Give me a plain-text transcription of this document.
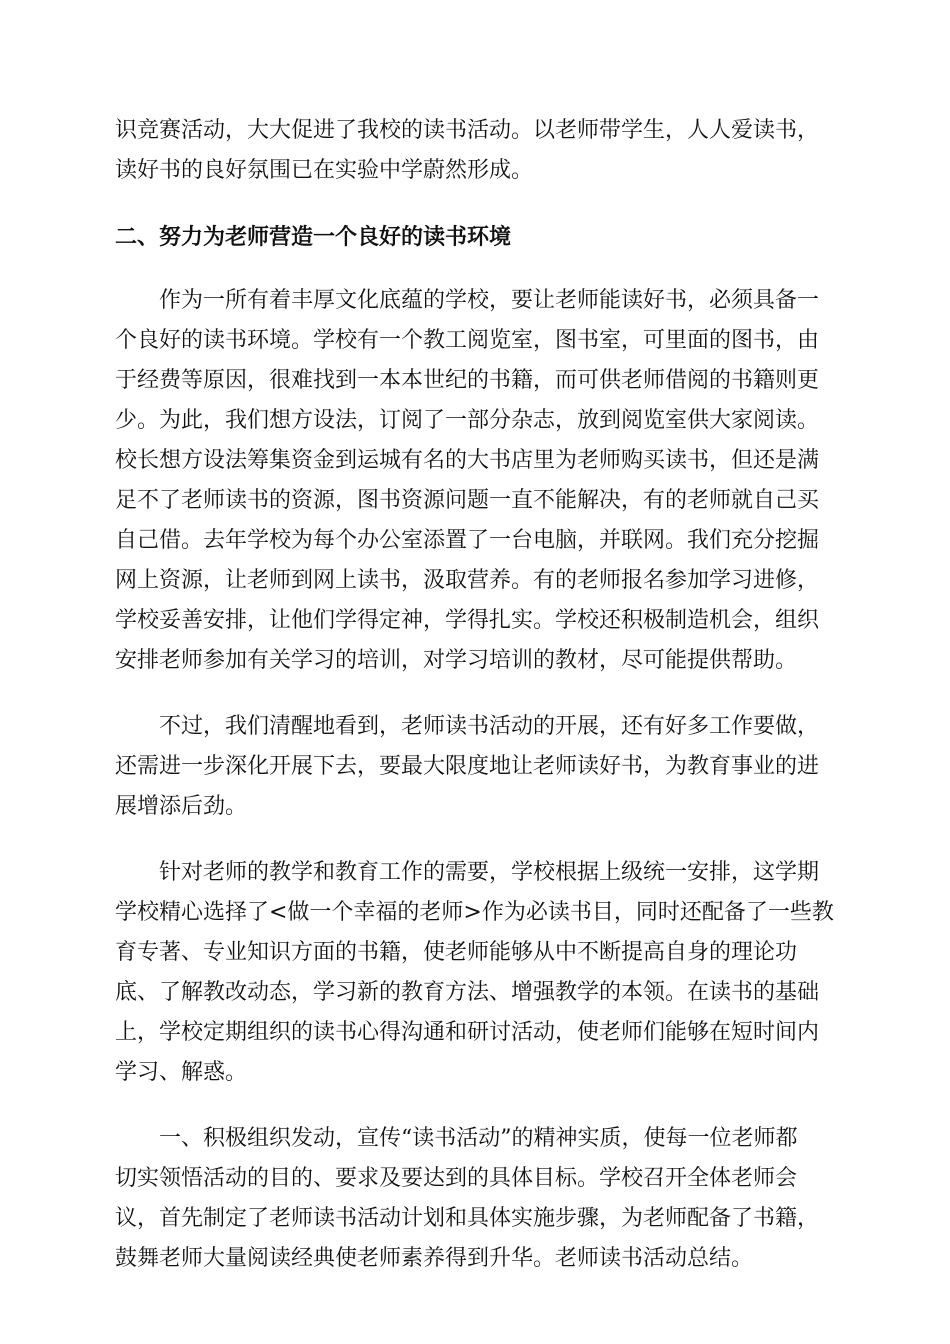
识竞赛活动，大大促进了我校的读书活动。以老师带学生，人人爱读书，
读好书的良好氛围已在实验中学蔚然形成。
二、努力为老师营造一个良好的读书环境
作为一所有着丰厚文化底蕴的学校，要让老师能读好书，必须具备一
个良好的读书环境。学校有一个教工阅览室，图书室，可里面的图书，由
于经费等原因，很难找到一本本世纪的书籍，而可供老师借阅的书籍则更
少。为此，我们想方设法，订阅了一部分杂志，放到阅览室供大家阅读。
校长想方设法筹集资金到运城有名的大书店里为老师购买读书，但还是满
足不了老师读书的资源，图书资源问题一直不能解决，有的老师就自己买
自己借。去年学校为每个办公室添置了一台电脑，并联网。我们充分挖掘
网上资源，让老师到网上读书，汲取营养。有的老师报名参加学习进修，
学校妥善安排，让他们学得定神，学得扎实。学校还积极制造机会，组织
安排老师参加有关学习的培训，对学习培训的教材，尽可能提供帮助。
不过，我们清醒地看到，老师读书活动的开展，还有好多工作要做，
还需进一步深化开展下去，要最大限度地让老师读好书，为教育事业的进
展增添后劲。
针对老师的教学和教育工作的需要，学校根据上级统一安排，这学期
学校精心选择了<做一个幸福的老师>作为必读书目，同时还配备了一些教
育专著、专业知识方面的书籍，使老师能够从中不断提高自身的理论功
底、了解教改动态，学习新的教育方法、增强教学的本领。在读书的基础
上，学校定期组织的读书心得沟通和研讨活动，使老师们能够在短时间内
学习、解惑。
一、积极组织发动，宣传“读书活动”的精神实质，使每一位老师都
切实领悟活动的目的、要求及要达到的具体目标。学校召开全体老师会
议，首先制定了老师读书活动计划和具体实施步骤，为老师配备了书籍，
鼓舞老师大量阅读经典使老师素养得到升华。老师读书活动总结。
